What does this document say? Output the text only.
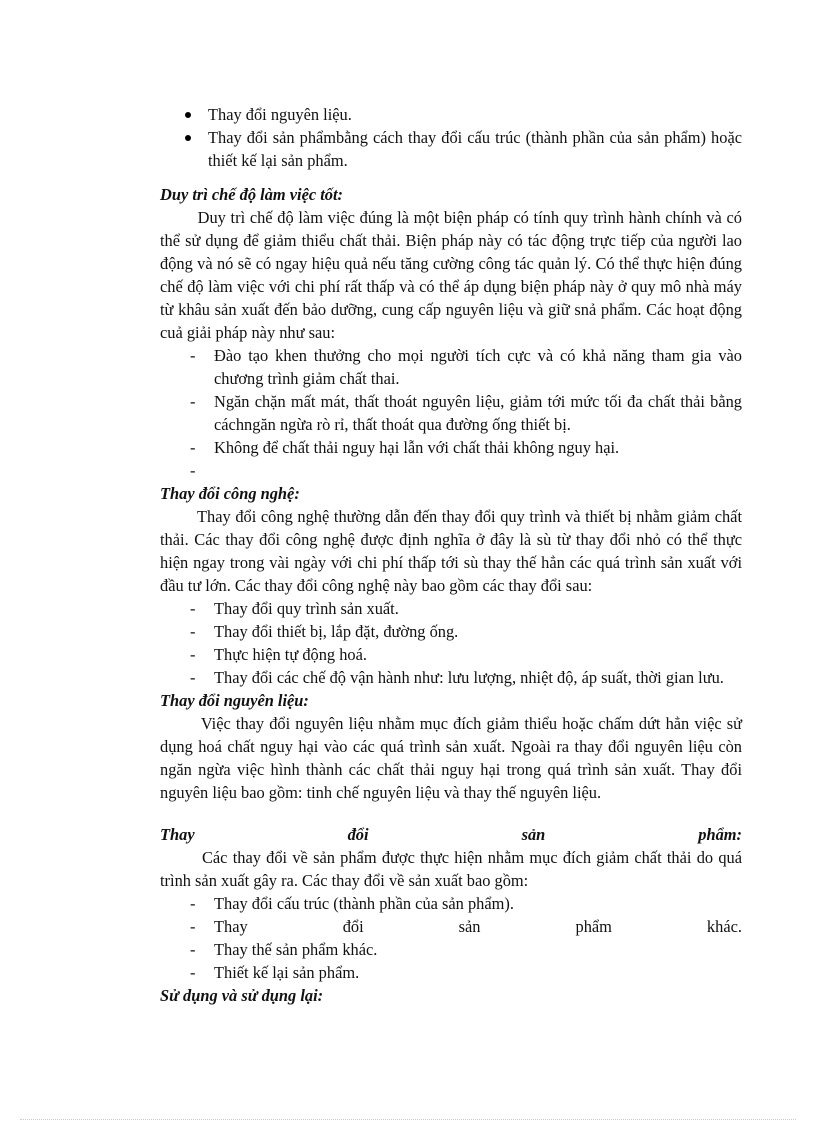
Thay đổi nguyên liệu.
Thay đổi sản phẩmbằng cách thay đổi cấu trúc (thành phần của sản phẩm) hoặc thiết kế lại sản phẩm.

Duy trì chế độ làm việc tốt:

Duy trì chế độ làm việc đúng là một biện pháp có tính quy trình hành chính và có thể sử dụng để giảm thiểu chất thải. Biện pháp này có tác động trực tiếp của người lao động và nó sẽ có ngay hiệu quả nếu tăng cường công tác quản lý. Có thể thực hiện đúng chế độ làm việc với chi phí rất thấp và có thể áp dụng biện pháp này ở quy mô nhà máy từ khâu sản xuất đến bảo dưỡng, cung cấp nguyên liệu và giữ snả phẩm. Các hoạt động cuả giải pháp này như sau:

- Đào tạo khen thưởng cho mọi người tích cực và có khả năng tham gia vào chương trình giảm chất thai.
- Ngăn chặn mất mát, thất thoát nguyên liệu, giảm tới mức tối đa chất thải bằng cáchngăn ngừa rò rỉ, thất thoát qua đường ống thiết bị.
- Không để chất thải nguy hại lẫn với chất thải không nguy hại.
-

Thay đổi công nghệ:

Thay đổi công nghệ thường dẫn đến thay đổi quy trình và thiết bị nhằm giảm chất thải. Các thay đổi công nghệ được định nghĩa ở đây là sù từ thay đổi nhỏ có thể thực hiện ngay trong vài ngày với chi phí thấp tới sù thay thế hẳn các quá trình sản xuất với đầu tư lớn. Các thay đổi công nghệ này bao gồm các thay đổi sau:

- Thay đổi quy trình sản xuất.
- Thay đổi thiết bị, lắp đặt, đường ống.
- Thực hiện tự động hoá.
- Thay đổi các chế độ vận hành như: lưu lượng, nhiệt độ, áp suất, thời gian lưu.

Thay đổi nguyên liệu:

Việc thay đổi nguyên liệu nhằm mục đích giảm thiểu hoặc chấm dứt hẳn việc sử dụng hoá chất nguy hại vào các quá trình sản xuất. Ngoài ra thay đổi nguyên liệu còn ngăn ngừa việc hình thành các chất thải nguy hại trong quá trình sản xuất. Thay đổi nguyên liệu bao gồm: tinh chế nguyên liệu và thay thế nguyên liệu.

Thay	đổi	sản	phẩm:

Các thay đổi về sản phẩm được thực hiện nhằm mục đích giảm chất thải do quá trình sản xuất gây ra. Các thay đổi về sản xuất bao gồm:

- Thay đổi cấu trúc (thành phần của sản phẩm).
- Thay	đổi	sản	phẩm	khác.
- Thay thế sản phẩm khác.
- Thiết kế lại sản phẩm.

Sử dụng và sử dụng lại:
